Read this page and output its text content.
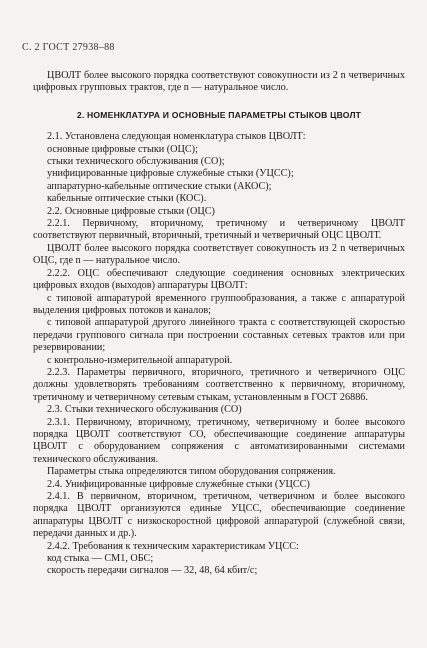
С. 2 ГОСТ 27938–88

ЦВОЛТ более высокого порядка соответствуют совокупности из 2 n четверичных цифровых групповых трактов, где n — натуральное число.

2. НОМЕНКЛАТУРА И ОСНОВНЫЕ ПАРАМЕТРЫ СТЫКОВ ЦВОЛТ

2.1. Установлена следующая номенклатура стыков ЦВОЛТ:

основные цифровые стыки (ОЦС);

стыки технического обслуживания (СО);

унифицированные цифровые служебные стыки (УЦСС);

аппаратурно-кабельные оптические стыки (АКОС);

кабельные оптические стыки (КОС).

2.2. Основные цифровые стыки (ОЦС)

2.2.1. Первичному, вторичному, третичному и четверичному ЦВОЛТ соответствуют первичный, вторичный, третичный и четверичный ОЦС ЦВОЛТ.

ЦВОЛТ более высокого порядка соответствует совокупность из 2 n четверичных ОЦС, где n — натуральное число.

2.2.2. ОЦС обеспечивают следующие соединения основных электрических цифровых входов (выходов) аппаратуры ЦВОЛТ:

с типовой аппаратурой временного группообразования, а также с аппаратурой выделения цифровых потоков и каналов;

с типовой аппаратурой другого линейного тракта с соответствующей скоростью передачи группового сигнала при построении составных сетевых трактов или при резервировании;

с контрольно-измерительной аппаратурой.

2.2.3. Параметры первичного, вторичного, третичного и четверичного ОЦС должны удовлетворять требованиям соответственно к первичному, вторичному, третичному и четверичному сетевым стыкам, установленным в ГОСТ 26886.

2.3. Стыки технического обслуживания (СО)

2.3.1. Первичному, вторичному, третичному, четверичному и более высокого порядка ЦВОЛТ соответствуют СО, обеспечивающие соединение аппаратуры ЦВОЛТ с оборудованием сопряжения с автоматизированными системами технического обслуживания.

Параметры стыка определяются типом оборудования сопряжения.

2.4. Унифицированные цифровые служебные стыки (УЦСС)

2.4.1. В первичном, вторичном, третичном, четверичном и более высокого порядка ЦВОЛТ организуются единые УЦСС, обеспечивающие соединение аппаратуры ЦВОЛТ с низкоскоростной цифровой аппаратурой (служебной связи, передачи данных и др.).

2.4.2. Требования к техническим характеристикам УЦСС:

код стыка — СМ1, ОБС;

скорость передачи сигналов — 32, 48, 64 кбит/с;
